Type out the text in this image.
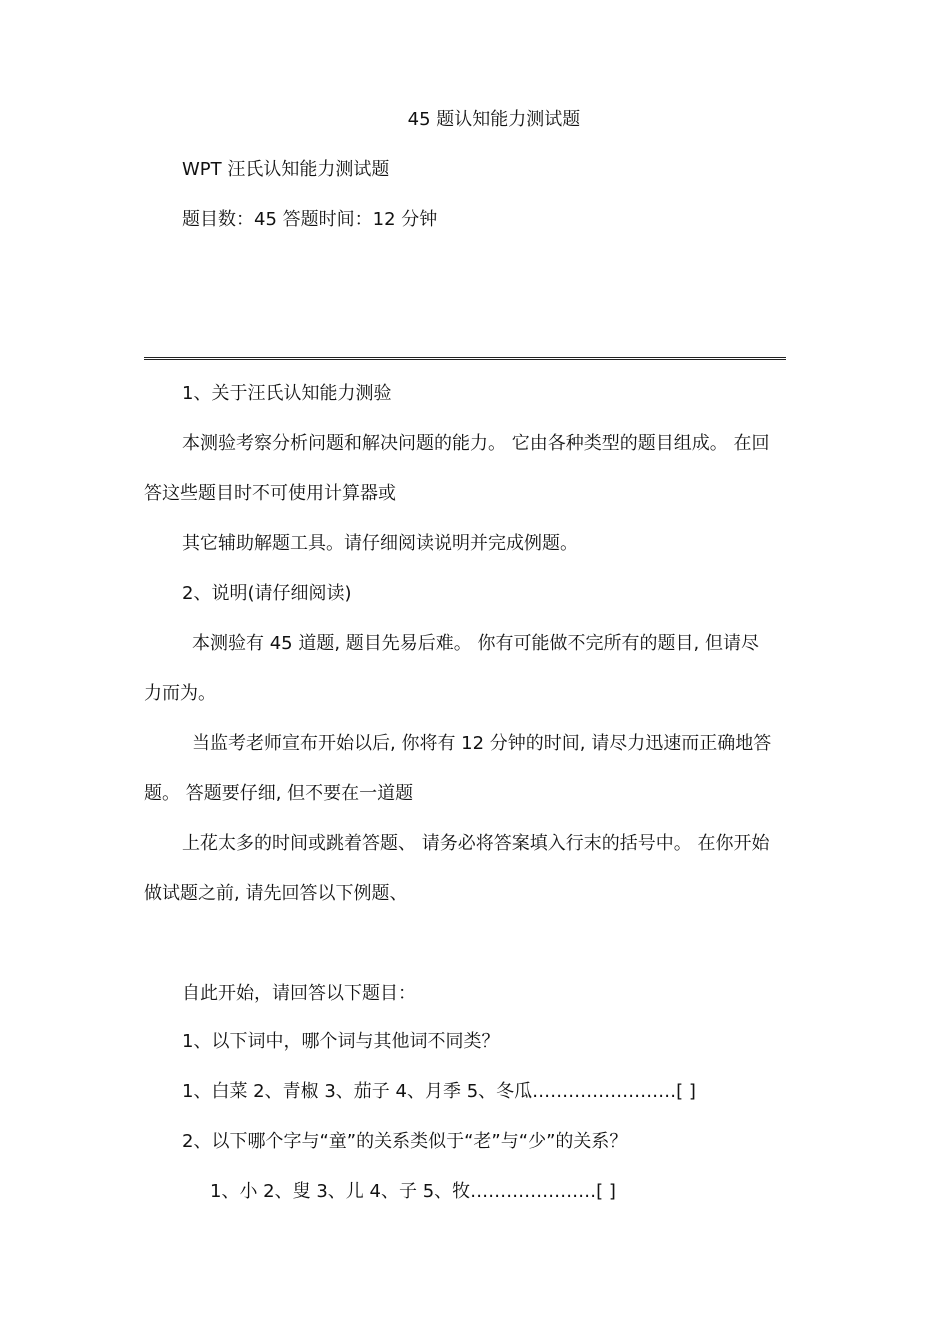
45 题认知能力测试题
WPT 汪氏认知能力测试题
题目数：45 答题时间：12 分钟
1、关于汪氏认知能力测验
本测验考察分析问题和解决问题的能力。 它由各种类型的题目组成。 在回
答这些题目时不可使用计算器或
其它辅助解题工具。请仔细阅读说明并完成例题。
2、说明(请仔细阅读)
本测验有 45 道题, 题目先易后难。 你有可能做不完所有的题目, 但请尽
力而为。
当监考老师宣布开始以后, 你将有 12 分钟的时间, 请尽力迅速而正确地答
题。 答题要仔细, 但不要在一道题
上花太多的时间或跳着答题、 请务必将答案填入行末的括号中。 在你开始
做试题之前, 请先回答以下例题、
自此开始，请回答以下题目：
1、以下词中，哪个词与其他词不同类？
1、白菜 2、青椒 3、茄子 4、月季 5、冬瓜……………………[ ]
2、以下哪个字与“童”的关系类似于“老”与“少”的关系？
1、小 2、叟 3、儿 4、子 5、牧…………………[ ]
